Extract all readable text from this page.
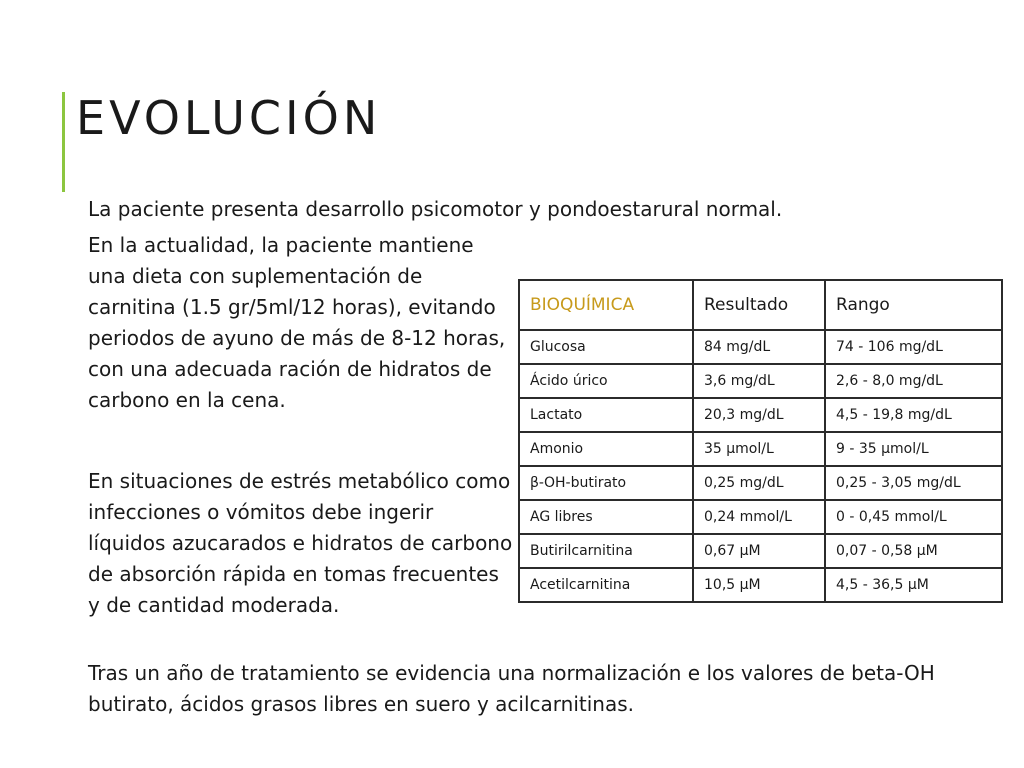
EVOLUCIÓN

La paciente presenta desarrollo psicomotor y pondoestarural normal.

En la actualidad, la paciente mantiene una dieta con suplementación de carnitina (1.5 gr/5ml/12 horas), evitando periodos de ayuno de más de 8-12 horas, con una adecuada ración de hidratos de carbono en la cena.

En situaciones de estrés metabólico como infecciones o vómitos debe ingerir líquidos azucarados e hidratos de carbono de absorción rápida en tomas frecuentes y de cantidad moderada.

Tras un año de tratamiento se evidencia una normalización e los valores de beta-OH butirato, ácidos grasos libres en suero y acilcarnitinas.

BIOQUÍMICA	Resultado	Rango
Glucosa	84 mg/dL	74 - 106 mg/dL
Ácido úrico	3,6 mg/dL	2,6 - 8,0 mg/dL
Lactato	20,3 mg/dL	4,5 - 19,8 mg/dL
Amonio	35 µmol/L	9 - 35 µmol/L
β-OH-butirato	0,25 mg/dL	0,25 - 3,05 mg/dL
AG libres	0,24 mmol/L	0 - 0,45 mmol/L
Butirilcarnitina	0,67 µM	0,07 - 0,58 µM
Acetilcarnitina	10,5 µM	4,5 - 36,5 µM
